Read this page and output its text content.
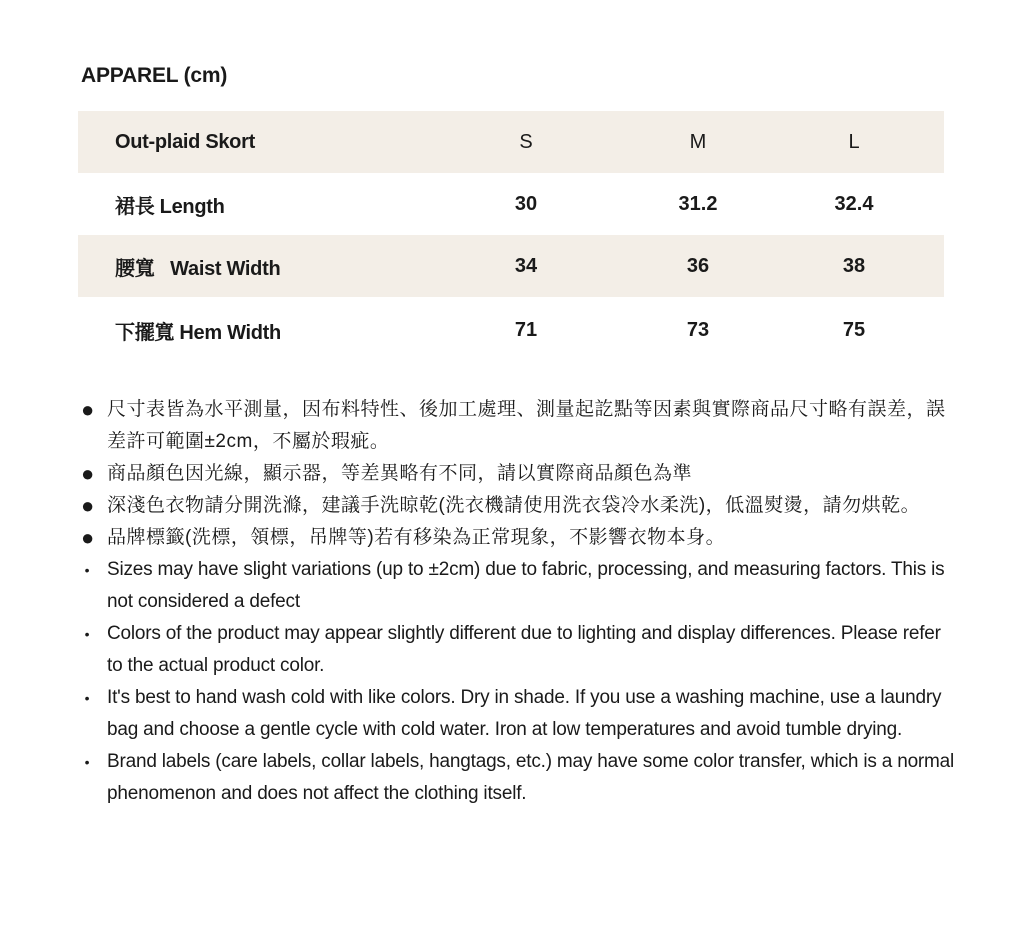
APPAREL (cm)
Out-plaid Skort	S	M	L
裙長 Length	30	31.2	32.4
腰寬   Waist Width	34	36	38
下擺寬 Hem Width	71	73	75
● 尺寸表皆為水平測量，因布料特性、後加工處理、測量起訖點等因素與實際商品尺寸略有誤差，誤差許可範圍±2cm，不屬於瑕疵。
● 商品顏色因光線，顯示器，等差異略有不同，請以實際商品顏色為準
● 深淺色衣物請分開洗滌，建議手洗晾乾(洗衣機請使用洗衣袋冷水柔洗)，低溫熨燙，請勿烘乾。
● 品牌標籤(洗標，領標，吊牌等)若有移染為正常現象，不影響衣物本身。
• Sizes may have slight variations (up to ±2cm) due to fabric, processing, and measuring factors. This is not considered a defect
• Colors of the product may appear slightly different due to lighting and display differences. Please refer to the actual product color.
• It's best to hand wash cold with like colors. Dry in shade. If you use a washing machine, use a laundry bag and choose a gentle cycle with cold water. Iron at low temperatures and avoid tumble drying.
• Brand labels (care labels, collar labels, hangtags, etc.) may have some color transfer, which is a normal phenomenon and does not affect the clothing itself.
